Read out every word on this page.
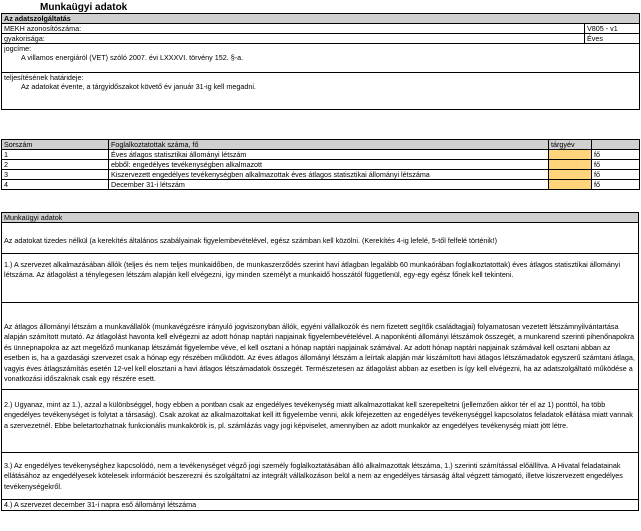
Munkaügyi adatok
Az adatszolgáltatás	
MEKH azonosítószáma:	V805 - v1
gyakorisága:	Éves
jogcíme:	
A villamos energiáról (VET) szóló 2007. évi LXXXVI. törvény 152. §-a.	
teljesítésének határideje:	
Az adatokat évente, a tárgyidőszakot követő év január 31-ig kell megadni.	
Sorszám	Foglalkoztatottak száma, fő	tárgyév	
1	Éves átlagos statisztikai állományi létszám		fő
2	ebből: engedélyes tevékenységben alkalmazott		fő
3	Kiszervezett engedélyes tevékenységben alkalmazottak éves átlagos statisztikai állományi létszáma		fő
4	December 31-i létszám		fő
Munkaügyi adatok
Az adatokat tizedes nélkül (a kerekítés általános szabályainak figyelembevételével, egész számban kell közölni. (Kerekítés 4-ig lefelé, 5-től felfelé történik!)
1.) A szervezet alkalmazásában állók (teljes és nem teljes munkaidőben, de munkaszerződés szerint havi átlagban legalább 60 munkaórában foglalkoztatottak) éves átlagos statisztikai állományi létszáma. Az átlagolást a ténylegesen létszám alapján kell elvégezni, így minden személyt a munkaidő hosszától függetlenül, egy-egy egész főnek kell tekinteni.
Az átlagos állományi létszám a munkavállalók (munkavégzésre irányuló jogviszonyban állók, egyéni vállalkozók és nem fizetett segítők családtagjai) folyamatosan vezetett létszámnyilvántartása alapján számított mutató. Az átlagolást havonta kell elvégezni az adott hónap naptári napjainak figyelembevételével. A naponkénti állományi létszámok összegét, a munkarend szerinti pihenőnapokra és ünnepnapokra az azt megelőző munkanap létszámát figyelembe véve, el kell osztani a hónap naptári napjainak számával. Az adott hónap naptári napjainak számával kell osztani abban az esetben is, ha a gazdasági szervezet csak a hónap egy részében működött. Az éves átlagos állományi létszám a leírtak alapján már kiszámított havi átlagos létszámadatok egyszerű számtani átlaga, vagyis éves átlagszámítás esetén 12-vel kell elosztani a havi átlagos létszámadatok összegét. Természetesen az átlagolást abban az esetben is így kell elvégezni, ha az adatszolgáltató működése a vonatkozási időszaknak csak egy részére esett.
2.) Ugyanaz, mint az 1.), azzal a különbséggel, hogy ebben a pontban csak az engedélyes tevékenység miatt alkalmazottakat kell szerepeltetni (jellemzően akkor tér el az 1) ponttól, ha több engedélyes tevékenységet is folytat a társaság). Csak azokat az alkalmazottakat kell itt figyelembe venni, akik kifejezetten az engedélyes tevékenységgel kapcsolatos feladatok ellátása miatt vannak a szervezetnél. Ebbe beletartozhatnak funkcionális munkakörök is, pl. számlázás vagy jogi képviselet, amennyiben az adott munkakör az engedélyes tevékenység miatt jött létre.
3.) Az engedélyes tevékenységhez kapcsolódó, nem a tevékenységet végző jogi személy foglalkoztatásában álló alkalmazottak létszáma, 1.) szerinti számítással előállítva. A Hivatal feladatainak ellátásához az engedélyesek kötelesek információt beszerezni és szolgáltatni az integrált vállalkozáson belül a nem az engedélyes társaság által végzett támogató, illetve kiszervezett engedélyes tevékenységekről.
4.) A szervezet december 31-i napra eső állományi létszáma
